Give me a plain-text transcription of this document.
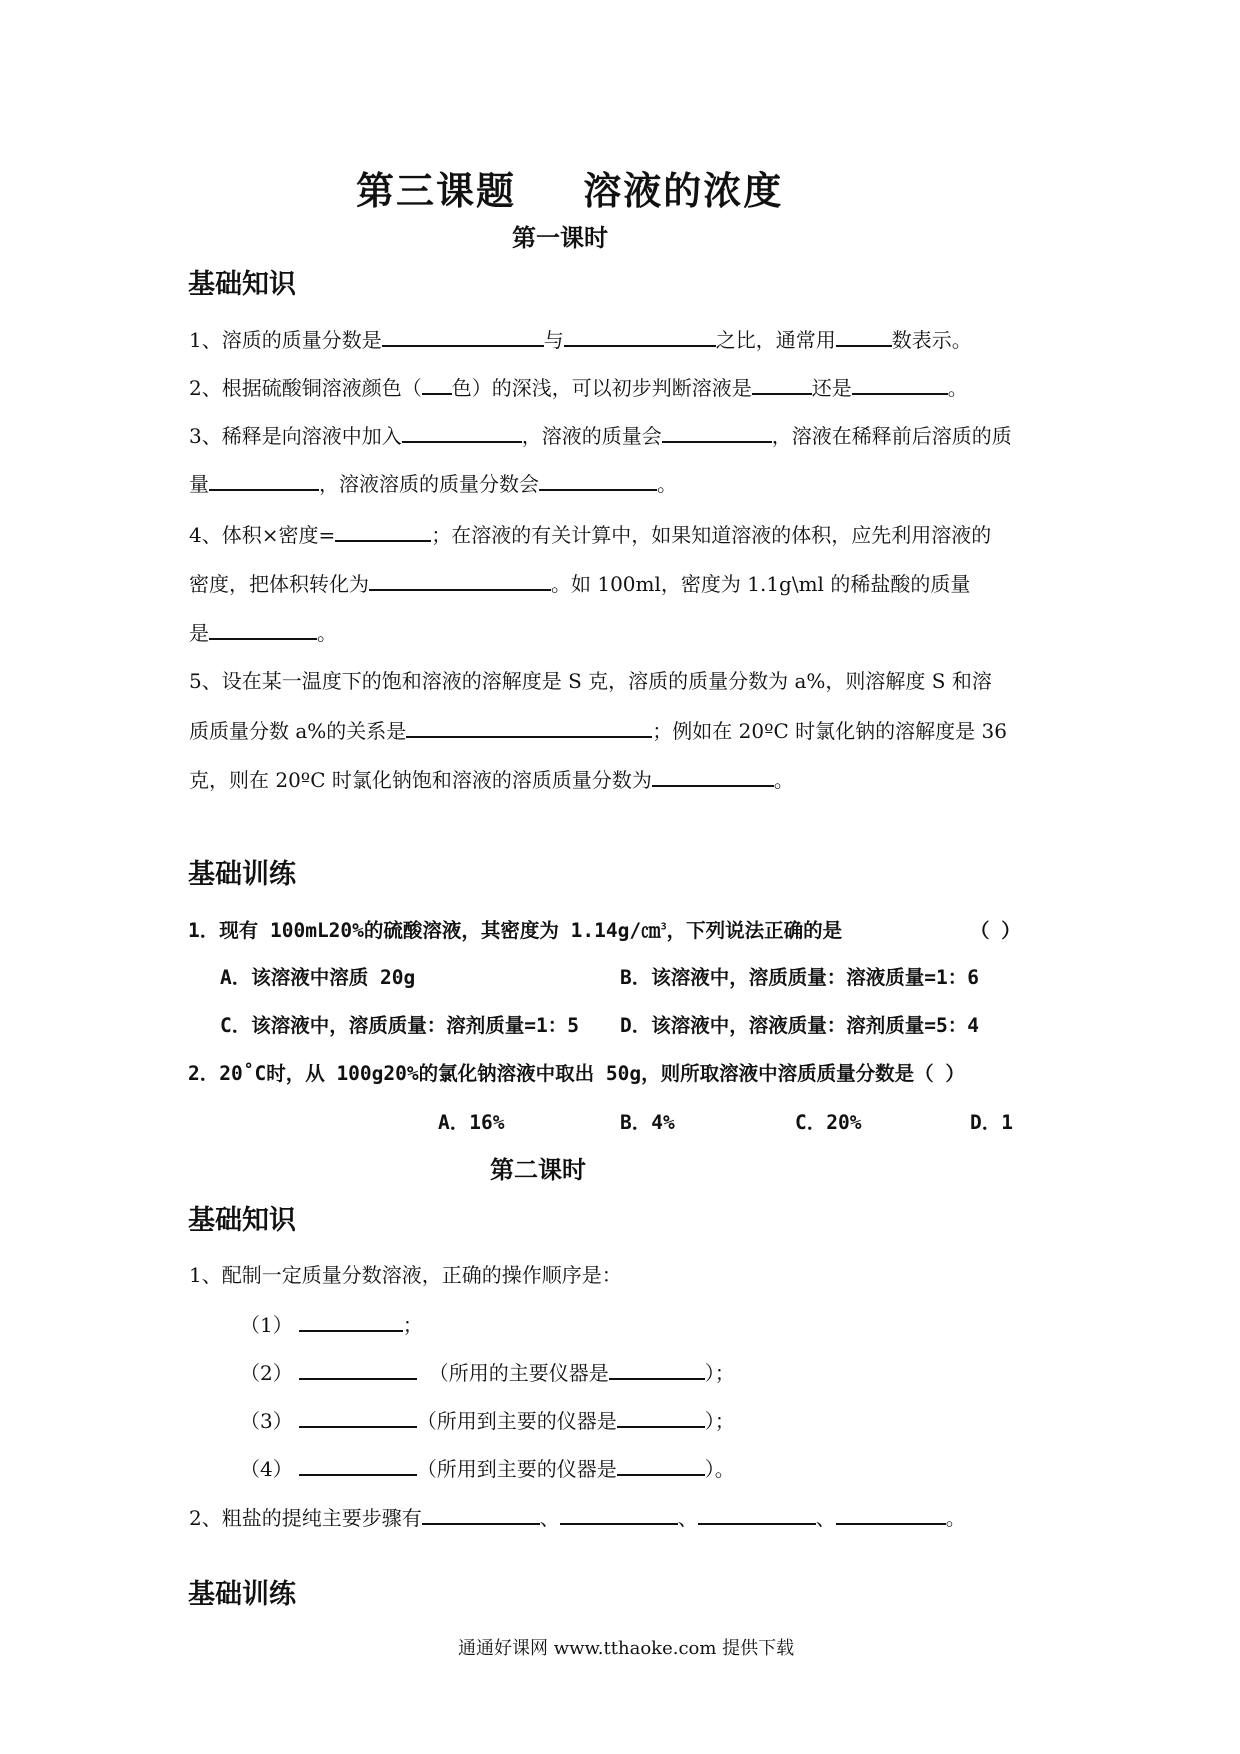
第三课题 溶液的浓度
第一课时
基础知识
1、溶质的质量分数是	与	之比，通常用	数表示。
2、根据硫酸铜溶液颜色（ 色）的深浅，可以初步判断溶液是	还是	。
3、稀释是向溶液中加入	，溶液的质量会	，溶液在稀释前后溶质的质
量	，溶液溶质的质量分数会	。
4、体积×密度=	；在溶液的有关计算中，如果知道溶液的体积，应先利用溶液的
密度，把体积转化为	。如 100ml，密度为 1.1g\ml 的稀盐酸的质量
是	。
5、设在某一温度下的饱和溶液的溶解度是 S 克，溶质的质量分数为 a%，则溶解度 S 和溶
质质量分数 a%的关系是	；例如在 20ºC 时氯化钠的溶解度是 36
克，则在 20ºC 时氯化钠饱和溶液的溶质质量分数为	。
基础训练
1．现有 100mL20%的硫酸溶液，其密度为 1.14g/㎝$^3$，下列说法正确的是	（ ）
A．该溶液中溶质 20g	B．该溶液中，溶质质量：溶液质量=1：6
C．该溶液中，溶质质量：溶剂质量=1：5 D．该溶液中，溶液质量：溶剂质量=5：4
2．20˚C时，从 100g20%的氯化钠溶液中取出 50g，则所取溶液中溶质质量分数是（ ）
A．16%	B．4%	C．20%	D．1
第二课时
基础知识
1、配制一定质量分数溶液，正确的操作顺序是：
（1）	；
（2）	（所用的主要仪器是	）；
（3）	（所用到主要的仪器是	）；
（4）	（所用到主要的仪器是	）。
2、粗盐的提纯主要步骤有	、	、	、	。
基础训练
通通好课网 www.tthaoke.com 提供下载
